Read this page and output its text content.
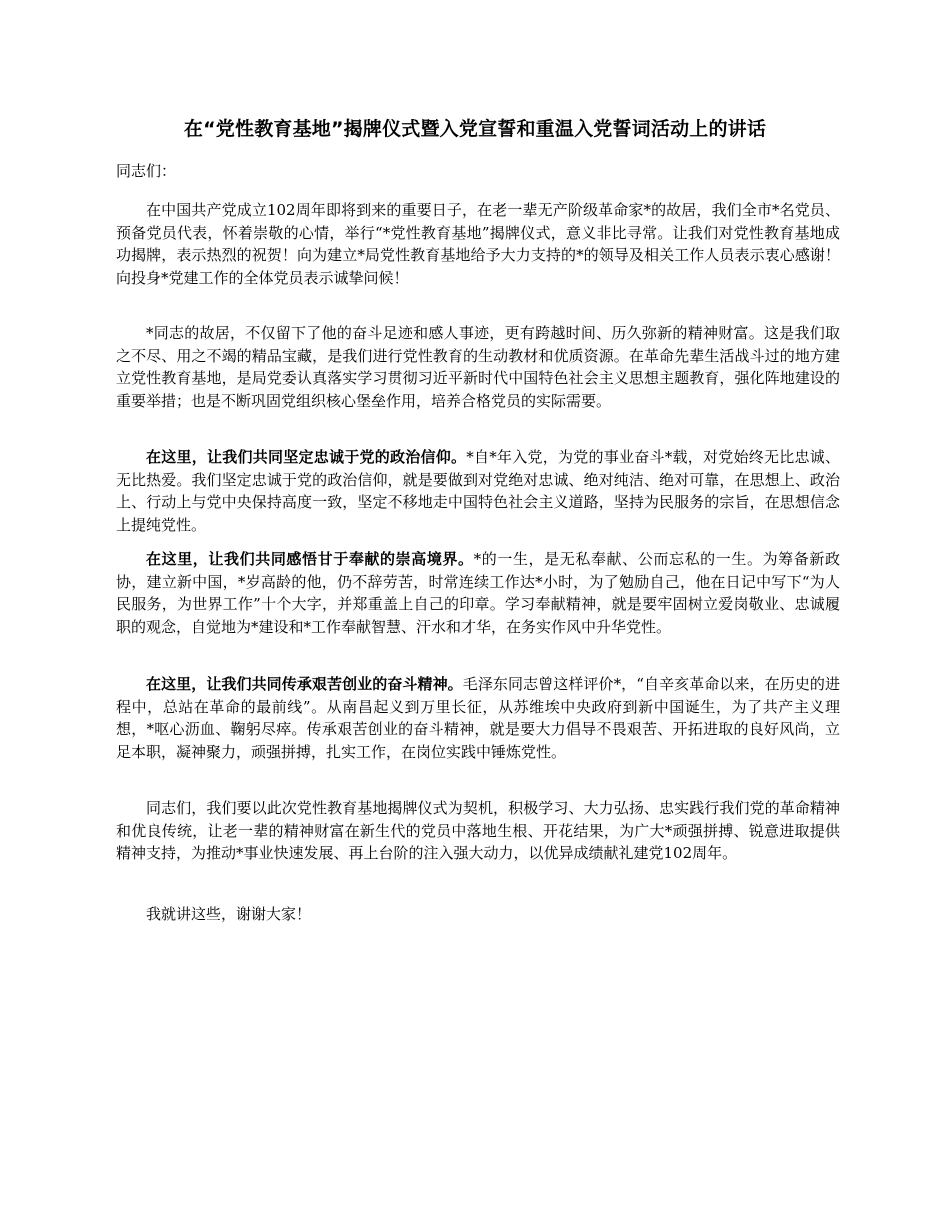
在“党性教育基地”揭牌仪式暨入党宣誓和重温入党誓词活动上的讲话
同志们：
在中国共产党成立102周年即将到来的重要日子，在老一辈无产阶级革命家*的故居，我们全市*名党员、预备党员代表，怀着崇敬的心情，举行“*党性教育基地”揭牌仪式，意义非比寻常。让我们对党性教育基地成功揭牌，表示热烈的祝贺！向为建立*局党性教育基地给予大力支持的*的领导及相关工作人员表示衷心感谢！向投身*党建工作的全体党员表示诚挚问候！
*同志的故居，不仅留下了他的奋斗足迹和感人事迹，更有跨越时间、历久弥新的精神财富。这是我们取之不尽、用之不竭的精品宝藏，是我们进行党性教育的生动教材和优质资源。在革命先辈生活战斗过的地方建立党性教育基地，是局党委认真落实学习贯彻习近平新时代中国特色社会主义思想主题教育，强化阵地建设的重要举措；也是不断巩固党组织核心堡垒作用，培养合格党员的实际需要。
在这里，让我们共同坚定忠诚于党的政治信仰。*自*年入党，为党的事业奋斗*载，对党始终无比忠诚、无比热爱。我们坚定忠诚于党的政治信仰，就是要做到对党绝对忠诚、绝对纯洁、绝对可靠，在思想上、政治上、行动上与党中央保持高度一致，坚定不移地走中国特色社会主义道路，坚持为民服务的宗旨，在思想信念上提纯党性。
在这里，让我们共同感悟甘于奉献的崇高境界。*的一生，是无私奉献、公而忘私的一生。为筹备新政协，建立新中国，*岁高龄的他，仍不辞劳苦，时常连续工作达*小时，为了勉励自己，他在日记中写下“为人民服务，为世界工作”十个大字，并郑重盖上自己的印章。学习奉献精神，就是要牢固树立爱岗敬业、忠诚履职的观念，自觉地为*建设和*工作奉献智慧、汗水和才华，在务实作风中升华党性。
在这里，让我们共同传承艰苦创业的奋斗精神。毛泽东同志曾这样评价*，“自辛亥革命以来，在历史的进程中，总站在革命的最前线”。从南昌起义到万里长征，从苏维埃中央政府到新中国诞生，为了共产主义理想，*呕心沥血、鞠躬尽瘁。传承艰苦创业的奋斗精神，就是要大力倡导不畏艰苦、开拓进取的良好风尚，立足本职，凝神聚力，顽强拼搏，扎实工作，在岗位实践中锤炼党性。
同志们，我们要以此次党性教育基地揭牌仪式为契机，积极学习、大力弘扬、忠实践行我们党的革命精神和优良传统，让老一辈的精神财富在新生代的党员中落地生根、开花结果，为广大*顽强拼搏、锐意进取提供精神支持，为推动*事业快速发展、再上台阶的注入强大动力，以优异成绩献礼建党102周年。
我就讲这些，谢谢大家！
